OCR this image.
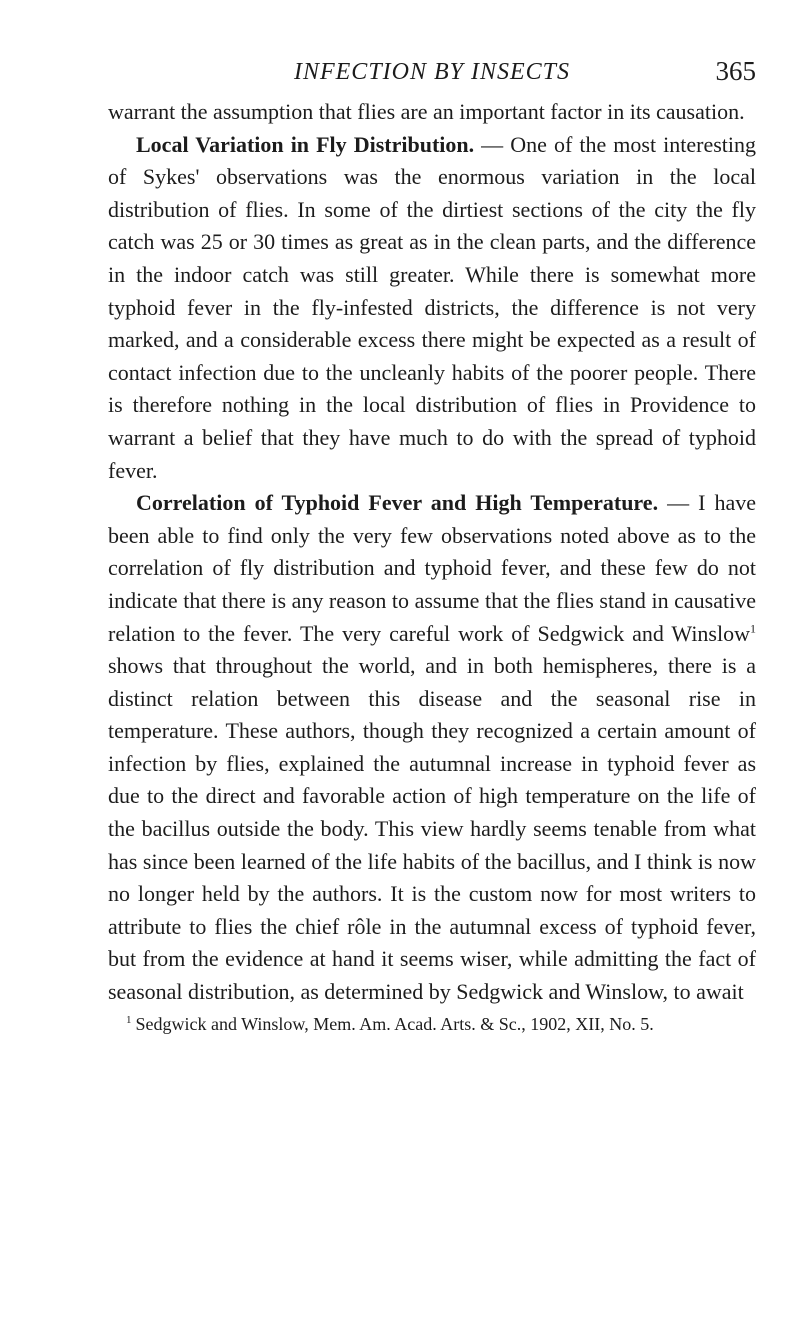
INFECTION BY INSECTS	365

warrant the assumption that flies are an important factor in its causation.

Local Variation in Fly Distribution. — One of the most interesting of Sykes' observations was the enormous variation in the local distribution of flies. In some of the dirtiest sections of the city the fly catch was 25 or 30 times as great as in the clean parts, and the difference in the indoor catch was still greater. While there is somewhat more typhoid fever in the fly-infested districts, the difference is not very marked, and a considerable excess there might be expected as a result of contact infection due to the uncleanly habits of the poorer people. There is therefore nothing in the local distribution of flies in Providence to warrant a belief that they have much to do with the spread of typhoid fever.

Correlation of Typhoid Fever and High Temperature. — I have been able to find only the very few observations noted above as to the correlation of fly distribution and typhoid fever, and these few do not indicate that there is any reason to assume that the flies stand in causative relation to the fever. The very careful work of Sedgwick and Winslow$^1$ shows that throughout the world, and in both hemispheres, there is a distinct relation between this disease and the seasonal rise in temperature. These authors, though they recognized a certain amount of infection by flies, explained the autumnal increase in typhoid fever as due to the direct and favorable action of high temperature on the life of the bacillus outside the body. This view hardly seems tenable from what has since been learned of the life habits of the bacillus, and I think is now no longer held by the authors. It is the custom now for most writers to attribute to flies the chief rôle in the autumnal excess of typhoid fever, but from the evidence at hand it seems wiser, while admitting the fact of seasonal distribution, as determined by Sedgwick and Winslow, to await

$^1$ Sedgwick and Winslow, Mem. Am. Acad. Arts. & Sc., 1902, XII, No. 5.
